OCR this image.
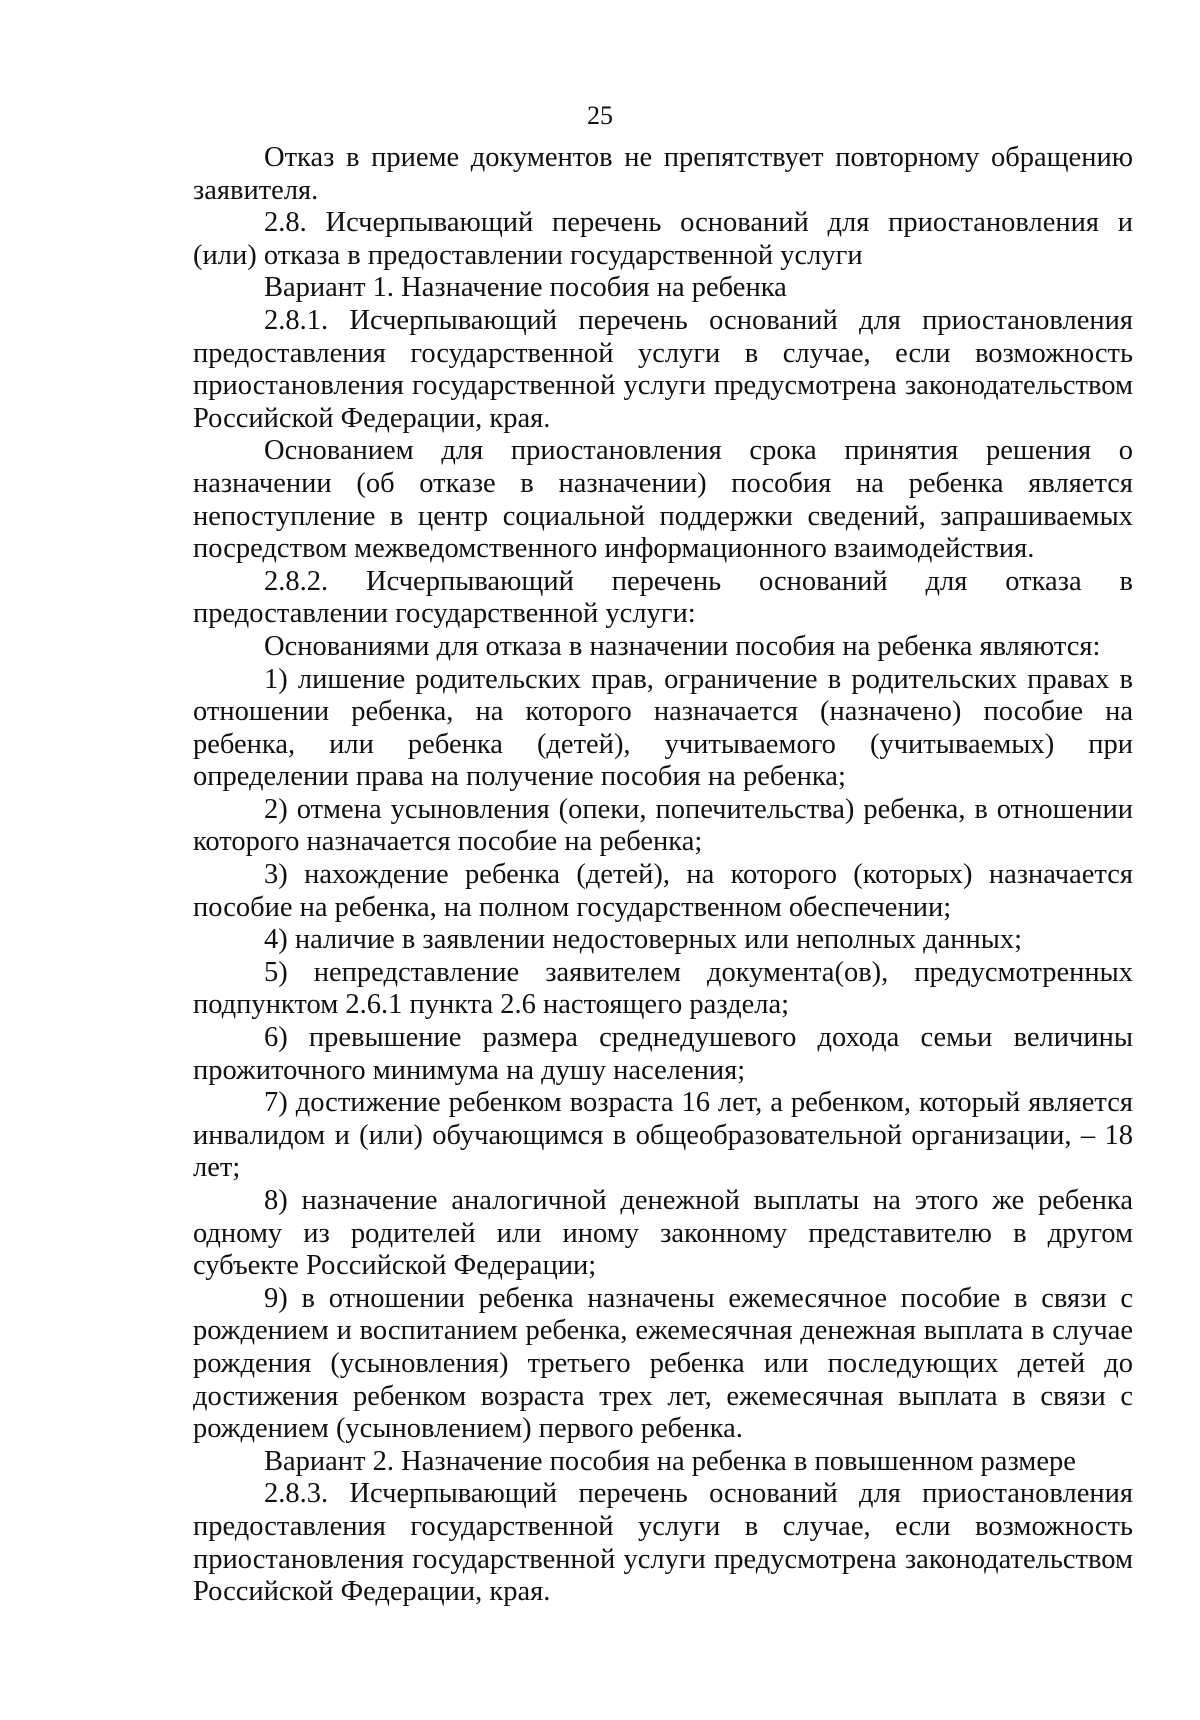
25

Отказ в приеме документов не препятствует повторному обращению заявителя.

2.8. Исчерпывающий перечень оснований для приостановления и (или) отказа в предоставлении государственной услуги

Вариант 1. Назначение пособия на ребенка

2.8.1. Исчерпывающий перечень оснований для приостановления предоставления государственной услуги в случае, если возможность приостановления государственной услуги предусмотрена законодательством Российской Федерации, края.

Основанием для приостановления срока принятия решения о назначении (об отказе в назначении) пособия на ребенка является непоступление в центр социальной поддержки сведений, запрашиваемых посредством межведомственного информационного взаимодействия.

2.8.2. Исчерпывающий перечень оснований для отказа в предоставлении государственной услуги:

Основаниями для отказа в назначении пособия на ребенка являются:

1) лишение родительских прав, ограничение в родительских правах в отношении ребенка, на которого назначается (назначено) пособие на ребенка, или ребенка (детей), учитываемого (учитываемых) при определении права на получение пособия на ребенка;

2) отмена усыновления (опеки, попечительства) ребенка, в отношении которого назначается пособие на ребенка;

3) нахождение ребенка (детей), на которого (которых) назначается пособие на ребенка, на полном государственном обеспечении;

4) наличие в заявлении недостоверных или неполных данных;

5) непредставление заявителем документа(ов), предусмотренных подпунктом 2.6.1 пункта 2.6 настоящего раздела;

6) превышение размера среднедушевого дохода семьи величины прожиточного минимума на душу населения;

7) достижение ребенком возраста 16 лет, а ребенком, который является инвалидом и (или) обучающимся в общеобразовательной организации, – 18 лет;

8) назначение аналогичной денежной выплаты на этого же ребенка одному из родителей или иному законному представителю в другом субъекте Российской Федерации;

9) в отношении ребенка назначены ежемесячное пособие в связи с рождением и воспитанием ребенка, ежемесячная денежная выплата в случае рождения (усыновления) третьего ребенка или последующих детей до достижения ребенком возраста трех лет, ежемесячная выплата в связи с рождением (усыновлением) первого ребенка.

Вариант 2. Назначение пособия на ребенка в повышенном размере

2.8.3. Исчерпывающий перечень оснований для приостановления предоставления государственной услуги в случае, если возможность приостановления государственной услуги предусмотрена законодательством Российской Федерации, края.
